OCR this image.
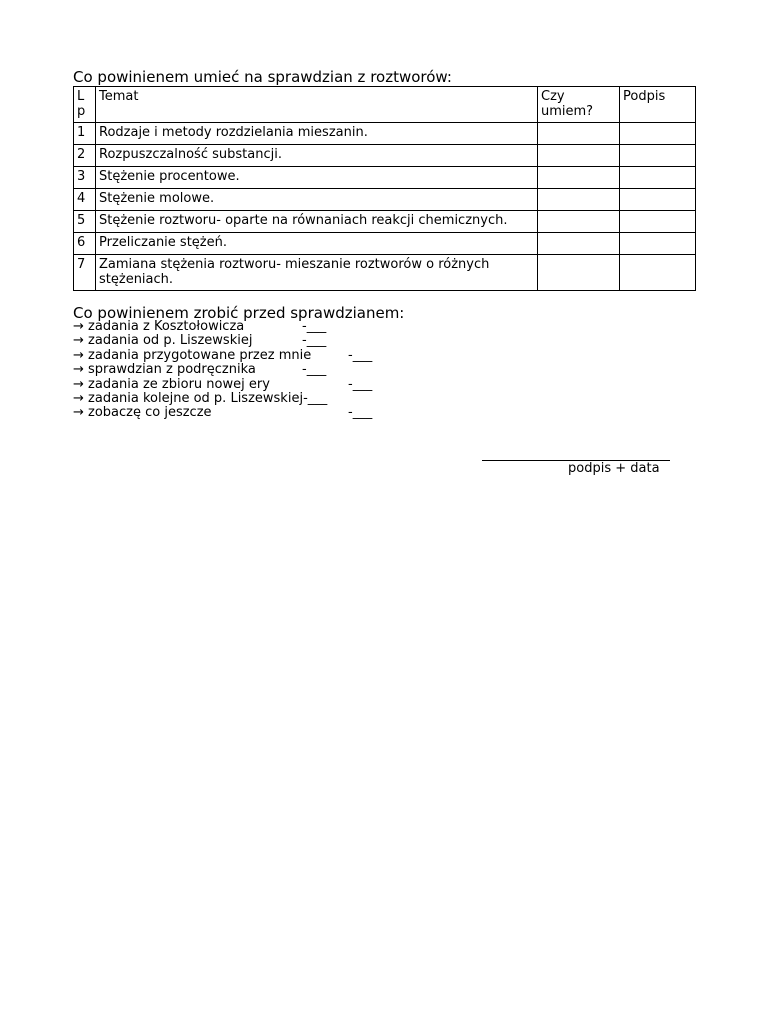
Co powinienem umieć na sprawdzian z roztworów:
L p	Temat	Czy umiem?	Podpis
1	Rodzaje i metody rozdzielania mieszanin.		
2	Rozpuszczalność substancji.		
3	Stężenie procentowe.		
4	Stężenie molowe.		
5	Stężenie roztworu- oparte na równaniach reakcji chemicznych.		
6	Przeliczanie stężeń.		
7	Zamiana stężenia roztworu- mieszanie roztworów o różnych stężeniach.		
Co powinienem zrobić przed sprawdzianem:
→ zadania z Kosztołowicza	-___
→ zadania od p. Liszewskiej	-___
→ zadania przygotowane przez mnie	-___
→ sprawdzian z podręcznika	-___
→ zadania ze zbioru nowej ery	-___
→ zadania kolejne od p. Liszewskiej-___
→ zobaczę co jeszcze	-___
podpis + data
